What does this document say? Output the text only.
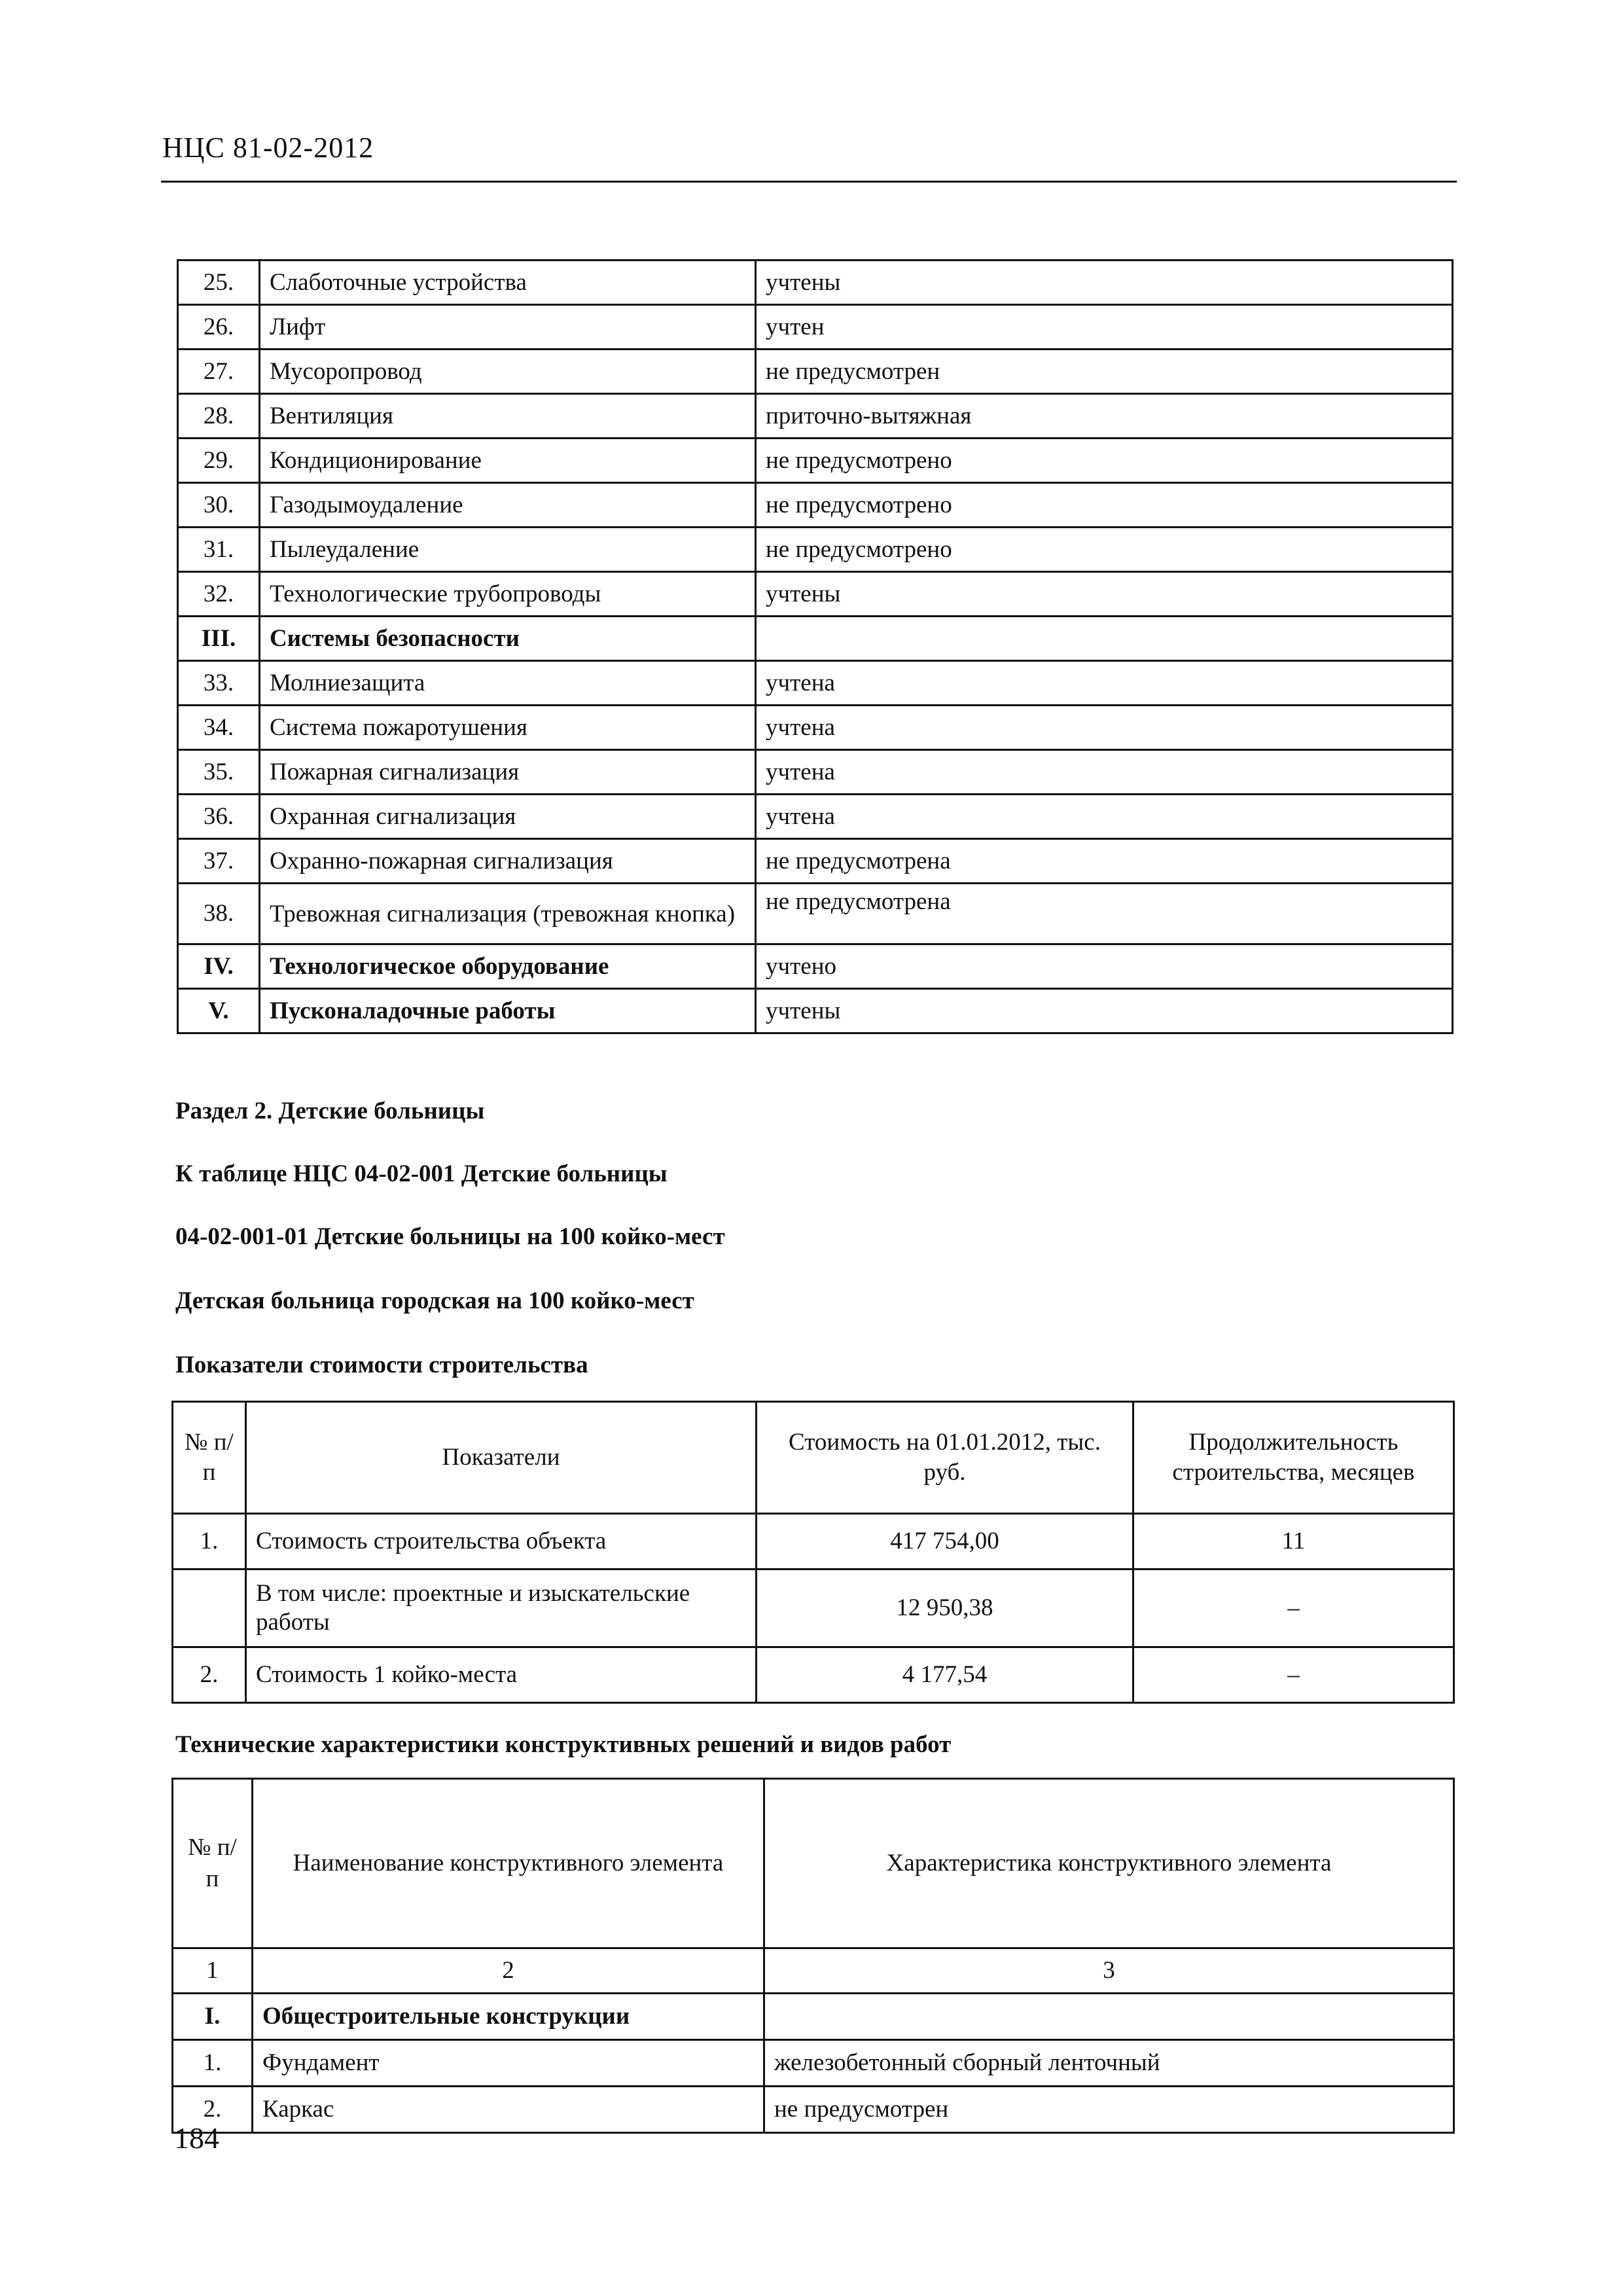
НЦС 81-02-2012
25.	Слаботочные устройства	учтены
26.	Лифт	учтен
27.	Мусоропровод	не предусмотрен
28.	Вентиляция	приточно-вытяжная
29.	Кондиционирование	не предусмотрено
30.	Газодымоудаление	не предусмотрено
31.	Пылеудаление	не предусмотрено
32.	Технологические трубопроводы	учтены
III.	Системы безопасности	
33.	Молниезащита	учтена
34.	Система пожаротушения	учтена
35.	Пожарная сигнализация	учтена
36.	Охранная сигнализация	учтена
37.	Охранно-пожарная сигнализация	не предусмотрена
38.	Тревожная сигнализация (тревожная кнопка)	не предусмотрена
IV.	Технологическое оборудование	учтено
V.	Пусконаладочные работы	учтены
Раздел 2. Детские больницы
К таблице НЦС 04-02-001 Детские больницы
04-02-001-01 Детские больницы на 100 койко-мест
Детская больница городская на 100 койко-мест
Показатели стоимости строительства
№ п/п	Показатели	Стоимость на 01.01.2012, тыс. руб.	Продолжительность строительства, месяцев
1.	Стоимость строительства объекта	417 754,00	11
	В том числе: проектные и изыскательские работы	12 950,38	–
2.	Стоимость 1 койко-места	4 177,54	–
Технические характеристики конструктивных решений и видов работ
№ п/п	Наименование конструктивного элемента	Характеристика конструктивного элемента
1	2	3
I.	Общестроительные конструкции	
1.	Фундамент	железобетонный сборный ленточный
2.	Каркас	не предусмотрен
184
